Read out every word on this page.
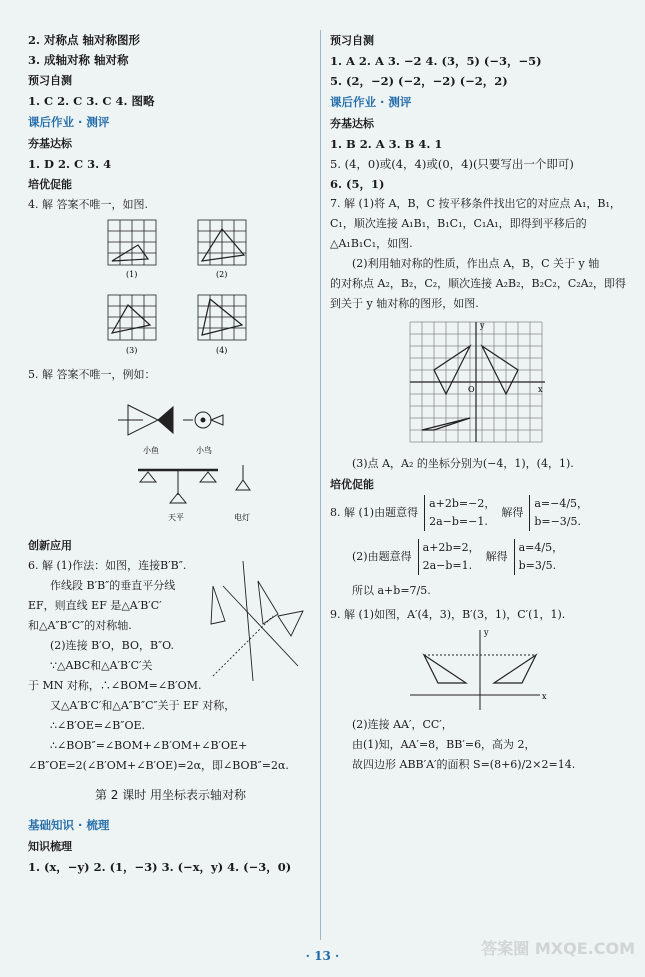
2. 对称点 轴对称图形
3. 成轴对称 轴对称
预习自测
1. C 2. C 3. C 4. 图略
课后作业 · 测评
夯基达标
1. D 2. C 3. 4
培优促能
4. 解 答案不唯一，如图.
(1)	(2)
(3)	(4)
5. 解 答案不唯一，例如：
小鱼	小鸟
天平	电灯
创新应用
6. 解 (1)作法：如图，连接B′B″.
作线段 B′B″的垂直平分线
EF，则直线 EF 是△A′B′C′
和△A″B″C″的对称轴.
(2)连接 B′O，BO，B″O.
∵△ABC和△A′B′C′关
于 MN 对称，∴∠BOM=∠B′OM.
又△A′B′C′和△A″B″C″关于 EF 对称，
∴∠B′OE=∠B″OE.
∴∠BOB″=∠BOM+∠B′OM+∠B′OE+
∠B″OE=2(∠B′OM+∠B′OE)=2α，即∠BOB″=2α.
第 2 课时 用坐标表示轴对称
基础知识 · 梳理
知识梳理
1. (x，−y) 2. (1，−3) 3. (−x，y) 4. (−3，0)
预习自测
1. A 2. A 3. −2 4. (3，5) (−3，−5)
5. (2，−2) (−2，−2) (−2，2)
课后作业 · 测评
夯基达标
1. B 2. A 3. B 4. 1
5. (4，0)或(4，4)或(0，4)(只要写出一个即可)
6. (5，1)
7. 解 (1)将 A，B，C 按平移条件找出它的对应点 A₁，B₁，
C₁，顺次连接 A₁B₁，B₁C₁，C₁A₁，即得到平移后的
△A₁B₁C₁，如图.
(2)利用轴对称的性质，作出点 A，B，C 关于 y 轴
的对称点 A₂，B₂，C₂，顺次连接 A₂B₂，B₂C₂，C₂A₂，即得
到关于 y 轴对称的图形，如图.
y
x
O
(3)点 A，A₂ 的坐标分别为(−4，1)，(4，1).
培优促能
8. 解 (1)由题意得
a+2b=−2，
2a−b=−1.
解得
a=−4/5，
b=−3/5.
(2)由题意得
a+2b=2，
2a−b=1.
解得
a=4/5，
b=3/5.
所以 a+b=7/5.
9. 解 (1)如图，A′(4，3)，B′(3，1)，C′(1，1).
y
x
(2)连接 AA′，CC′，
由(1)知，AA′=8，BB′=6，高为 2，
故四边形 ABB′A′的面积 S=(8+6)/2×2=14.
· 13 ·	答案圈 MXQE.COM
